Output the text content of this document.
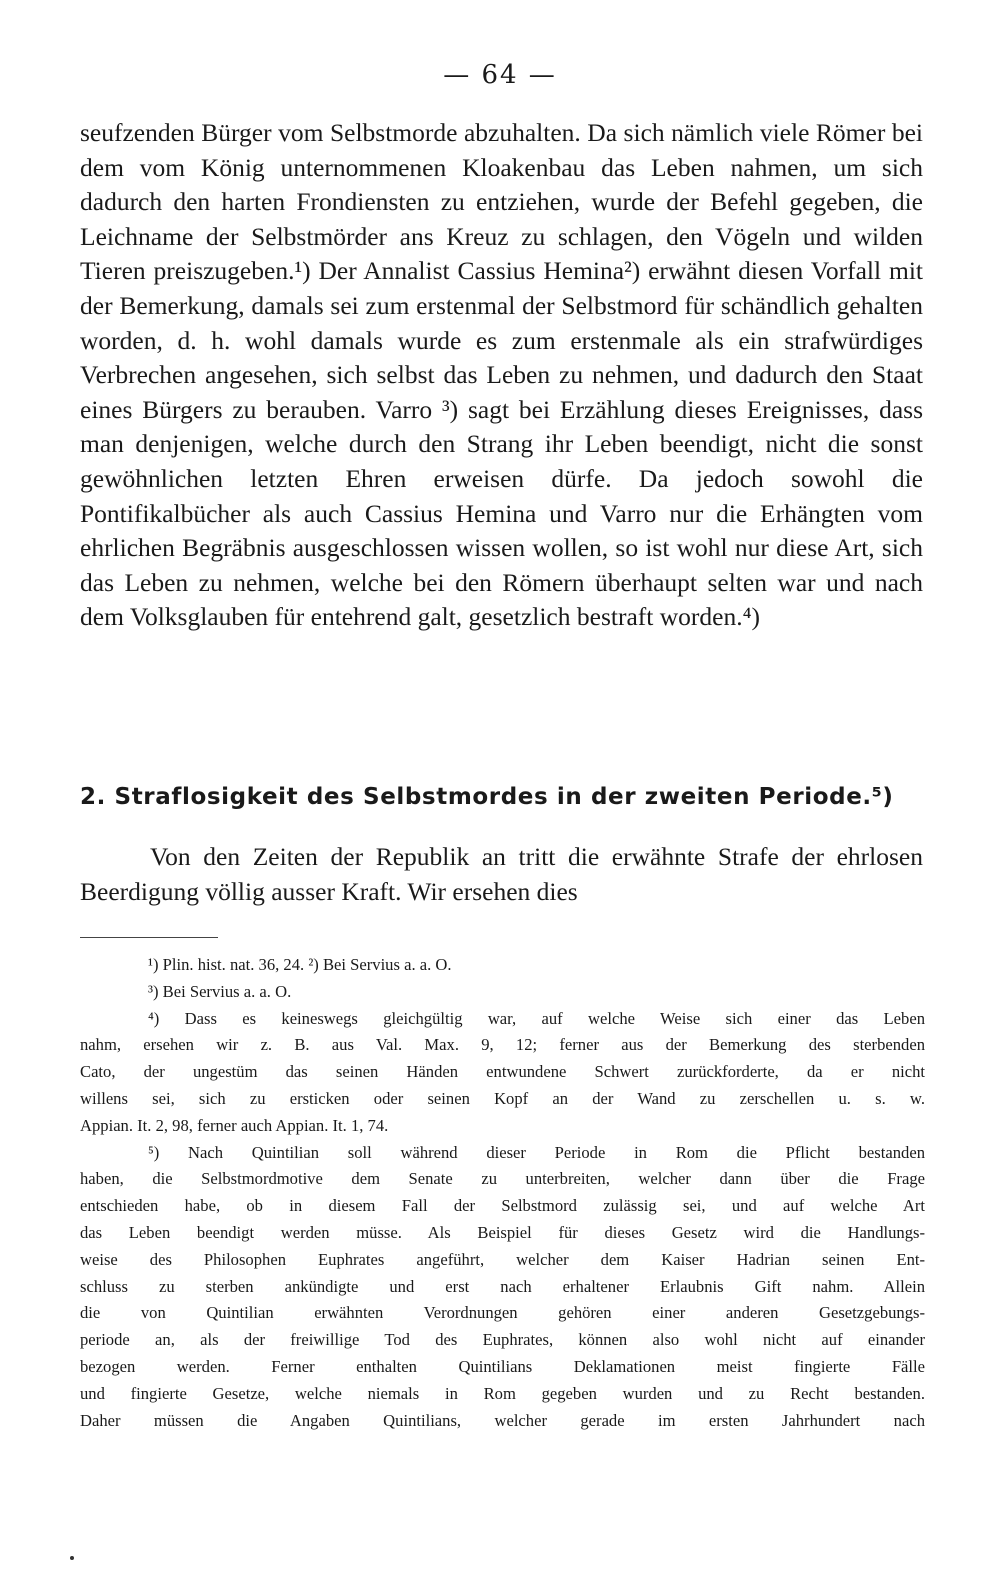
— 64 —

seufzenden Bürger vom Selbstmorde abzuhalten. Da sich nämlich viele Römer bei dem vom König unternommenen Kloakenbau das Leben nahmen, um sich dadurch den harten Frondiensten zu entziehen, wurde der Befehl gegeben, die Leichname der Selbstmörder ans Kreuz zu schlagen, den Vögeln und wilden Tieren preiszugeben.¹) Der Annalist Cassius Hemina²) erwähnt diesen Vorfall mit der Bemerkung, damals sei zum erstenmal der Selbstmord für schändlich gehalten worden, d. h. wohl damals wurde es zum erstenmale als ein strafwürdiges Verbrechen angesehen, sich selbst das Leben zu nehmen, und dadurch den Staat eines Bürgers zu berauben. Varro ³) sagt bei Erzählung dieses Ereignisses, dass man denjenigen, welche durch den Strang ihr Leben beendigt, nicht die sonst gewöhnlichen letzten Ehren erweisen dürfe. Da jedoch sowohl die Pontifikalbücher als auch Cassius Hemina und Varro nur die Erhängten vom ehrlichen Begräbnis ausgeschlossen wissen wollen, so ist wohl nur diese Art, sich das Leben zu nehmen, welche bei den Römern überhaupt selten war und nach dem Volksglauben für entehrend galt, gesetzlich bestraft worden.⁴)

2. Straflosigkeit des Selbstmordes in der zweiten Periode.⁵)

Von den Zeiten der Republik an tritt die erwähnte Strafe der ehrlosen Beerdigung völlig ausser Kraft. Wir ersehen dies

¹) Plin. hist. nat. 36, 24. ²) Bei Servius a. a. O.
³) Bei Servius a. a. O.
⁴) Dass es keineswegs gleichgültig war, auf welche Weise sich einer das Leben
nahm, ersehen wir z. B. aus Val. Max. 9, 12; ferner aus der Bemerkung des sterbenden
Cato, der ungestüm das seinen Händen entwundene Schwert zurückforderte, da er nicht
willens sei, sich zu ersticken oder seinen Kopf an der Wand zu zerschellen u. s. w.
Appian. It. 2, 98, ferner auch Appian. It. 1, 74.
⁵) Nach Quintilian soll während dieser Periode in Rom die Pflicht bestanden
haben, die Selbstmordmotive dem Senate zu unterbreiten, welcher dann über die Frage
entschieden habe, ob in diesem Fall der Selbstmord zulässig sei, und auf welche Art
das Leben beendigt werden müsse. Als Beispiel für dieses Gesetz wird die Handlungs-
weise des Philosophen Euphrates angeführt, welcher dem Kaiser Hadrian seinen Ent-
schluss zu sterben ankündigte und erst nach erhaltener Erlaubnis Gift nahm. Allein
die von Quintilian erwähnten Verordnungen gehören einer anderen Gesetzgebungs-
periode an, als der freiwillige Tod des Euphrates, können also wohl nicht auf einander
bezogen werden. Ferner enthalten Quintilians Deklamationen meist fingierte Fälle
und fingierte Gesetze, welche niemals in Rom gegeben wurden und zu Recht bestanden.
Daher müssen die Angaben Quintilians, welcher gerade im ersten Jahrhundert nach
